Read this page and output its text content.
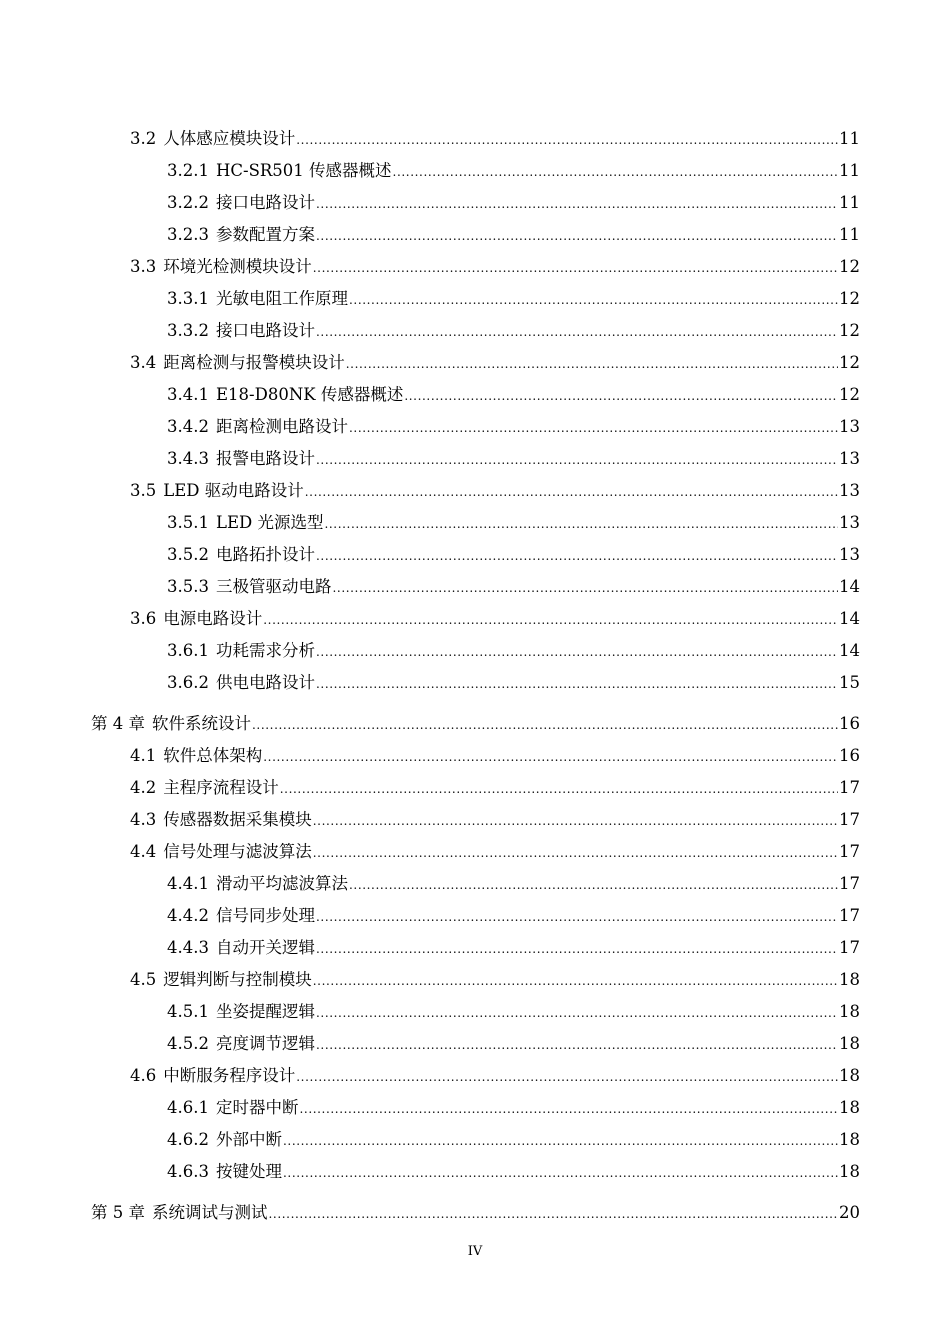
3.2 人体感应模块设计 .....	11
3.2.1 HC-SR501 传感器概述 .....	11
3.2.2 接口电路设计 .....	11
3.2.3 参数配置方案 .....	11
3.3 环境光检测模块设计 .....	12
3.3.1 光敏电阻工作原理 .....	12
3.3.2 接口电路设计 .....	12
3.4 距离检测与报警模块设计 .....	12
3.4.1 E18-D80NK 传感器概述 .....	12
3.4.2 距离检测电路设计 .....	13
3.4.3 报警电路设计 .....	13
3.5 LED 驱动电路设计 .....	13
3.5.1 LED 光源选型 .....	13
3.5.2 电路拓扑设计 .....	13
3.5.3 三极管驱动电路 .....	14
3.6 电源电路设计 .....	14
3.6.1 功耗需求分析 .....	14
3.6.2 供电电路设计 .....	15
第 4 章 软件系统设计 .....	16
4.1 软件总体架构 .....	16
4.2 主程序流程设计 .....	17
4.3 传感器数据采集模块 .....	17
4.4 信号处理与滤波算法 .....	17
4.4.1 滑动平均滤波算法 .....	17
4.4.2 信号同步处理 .....	17
4.4.3 自动开关逻辑 .....	17
4.5 逻辑判断与控制模块 .....	18
4.5.1 坐姿提醒逻辑 .....	18
4.5.2 亮度调节逻辑 .....	18
4.6 中断服务程序设计 .....	18
4.6.1 定时器中断 .....	18
4.6.2 外部中断 .....	18
4.6.3 按键处理 .....	18
第 5 章 系统调试与测试 .....	20
IV
